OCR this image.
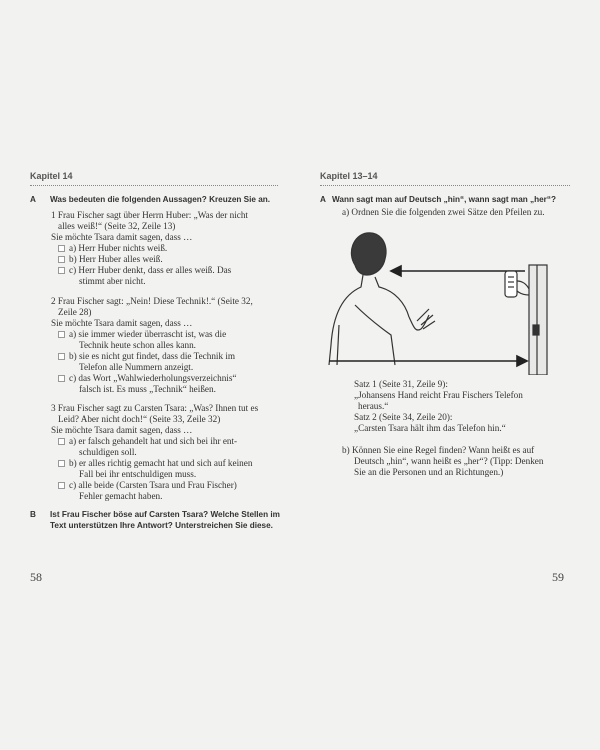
Kapitel 14
A Was bedeuten die folgenden Aussagen? Kreuzen Sie an.
1 Frau Fischer sagt über Herrn Huber: „Was der nicht
alles weiß!“ (Seite 32, Zeile 13)
Sie möchte Tsara damit sagen, dass …
a) Herr Huber nichts weiß.
b) Herr Huber alles weiß.
c) Herr Huber denkt, dass er alles weiß. Das
stimmt aber nicht.
2 Frau Fischer sagt: „Nein! Diese Technik!.“ (Seite 32,
Zeile 28)
Sie möchte Tsara damit sagen, dass …
a) sie immer wieder überrascht ist, was die
Technik heute schon alles kann.
b) sie es nicht gut findet, dass die Technik im
Telefon alle Nummern anzeigt.
c) das Wort „Wahlwiederholungsverzeichnis“
falsch ist. Es muss „Technik“ heißen.
3 Frau Fischer sagt zu Carsten Tsara: „Was? Ihnen tut es
Leid? Aber nicht doch!“ (Seite 33, Zeile 32)
Sie möchte Tsara damit sagen, dass …
a) er falsch gehandelt hat und sich bei ihr ent-
schuldigen soll.
b) er alles richtig gemacht hat und sich auf keinen
Fall bei ihr entschuldigen muss.
c) alle beide (Carsten Tsara und Frau Fischer)
Fehler gemacht haben.
B Ist Frau Fischer böse auf Carsten Tsara? Welche Stellen im
Text unterstützen Ihre Antwort? Unterstreichen Sie diese.
58
Kapitel 13–14
A Wann sagt man auf Deutsch „hin“, wann sagt man „her“?
a) Ordnen Sie die folgenden zwei Sätze den Pfeilen zu.
Satz 1 (Seite 31, Zeile 9):
„Johansens Hand reicht Frau Fischers Telefon
heraus.“
Satz 2 (Seite 34, Zeile 20):
„Carsten Tsara hält ihm das Telefon hin.“
b) Können Sie eine Regel finden? Wann heißt es auf
Deutsch „hin“, wann heißt es „her“? (Tipp: Denken
Sie an die Personen und an Richtungen.)
59
